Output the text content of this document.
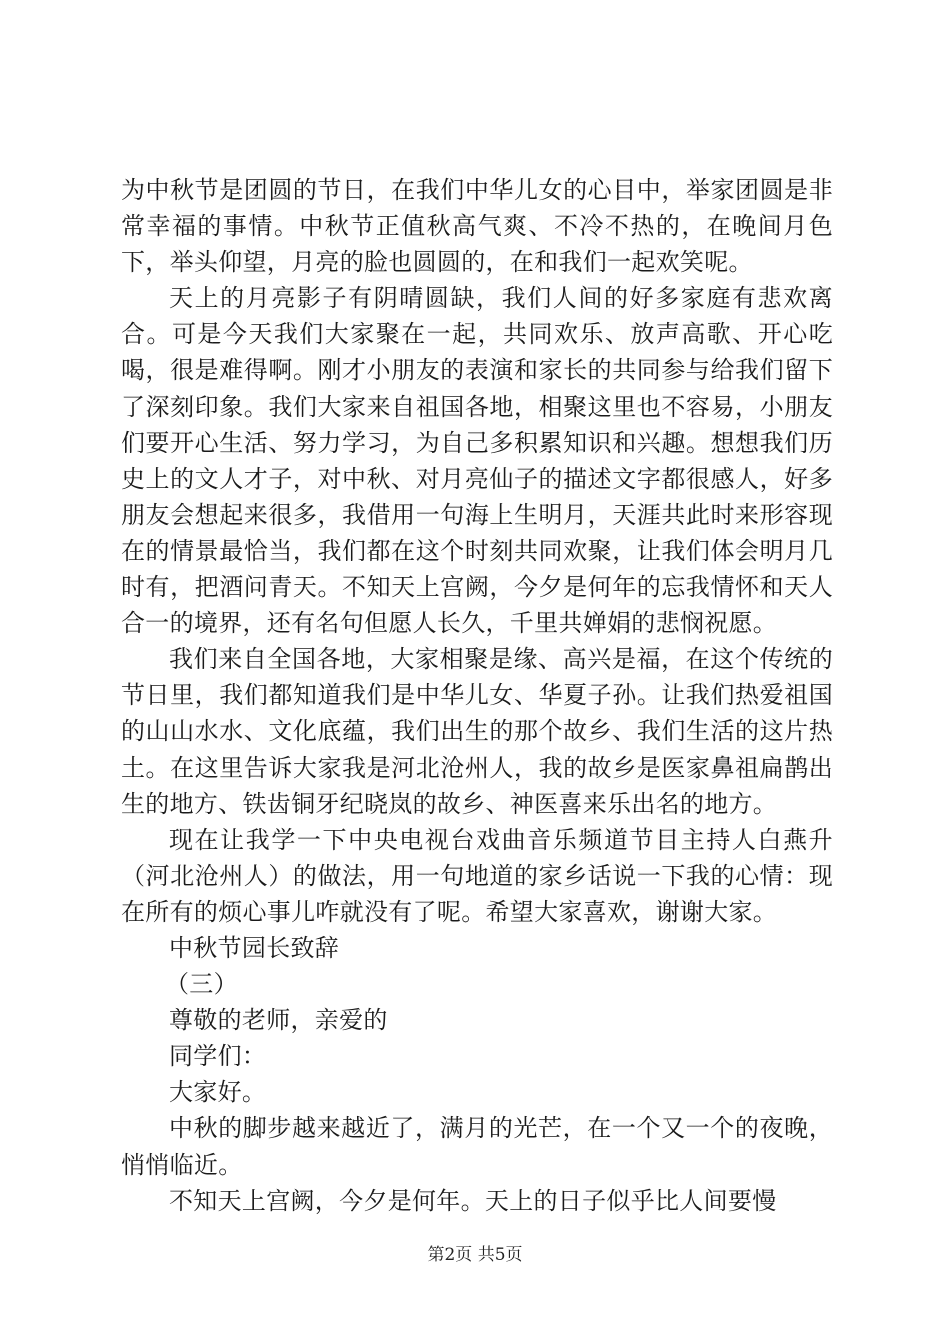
为中秋节是团圆的节日，在我们中华儿女的心目中，举家团圆是非常幸福的事情。中秋节正值秋高气爽、不冷不热的，在晚间月色下，举头仰望，月亮的脸也圆圆的，在和我们一起欢笑呢。

天上的月亮影子有阴晴圆缺，我们人间的好多家庭有悲欢离合。可是今天我们大家聚在一起，共同欢乐、放声高歌、开心吃喝，很是难得啊。刚才小朋友的表演和家长的共同参与给我们留下了深刻印象。我们大家来自祖国各地，相聚这里也不容易，小朋友们要开心生活、努力学习，为自己多积累知识和兴趣。想想我们历史上的文人才子，对中秋、对月亮仙子的描述文字都很感人，好多朋友会想起来很多，我借用一句海上生明月，天涯共此时来形容现在的情景最恰当，我们都在这个时刻共同欢聚，让我们体会明月几时有，把酒问青天。不知天上宫阙，今夕是何年的忘我情怀和天人合一的境界，还有名句但愿人长久，千里共婵娟的悲悯祝愿。

我们来自全国各地，大家相聚是缘、高兴是福，在这个传统的节日里，我们都知道我们是中华儿女、华夏子孙。让我们热爱祖国的山山水水、文化底蕴，我们出生的那个故乡、我们生活的这片热土。在这里告诉大家我是河北沧州人，我的故乡是医家鼻祖扁鹊出生的地方、铁齿铜牙纪晓岚的故乡、神医喜来乐出名的地方。

现在让我学一下中央电视台戏曲音乐频道节目主持人白燕升（河北沧州人）的做法，用一句地道的家乡话说一下我的心情：现在所有的烦心事儿咋就没有了呢。希望大家喜欢，谢谢大家。

中秋节园长致辞

（三）

尊敬的老师，亲爱的

同学们：

大家好。

中秋的脚步越来越近了，满月的光芒，在一个又一个的夜晚，悄悄临近。

不知天上宫阙，今夕是何年。天上的日子似乎比人间要慢

第2页 共5页
